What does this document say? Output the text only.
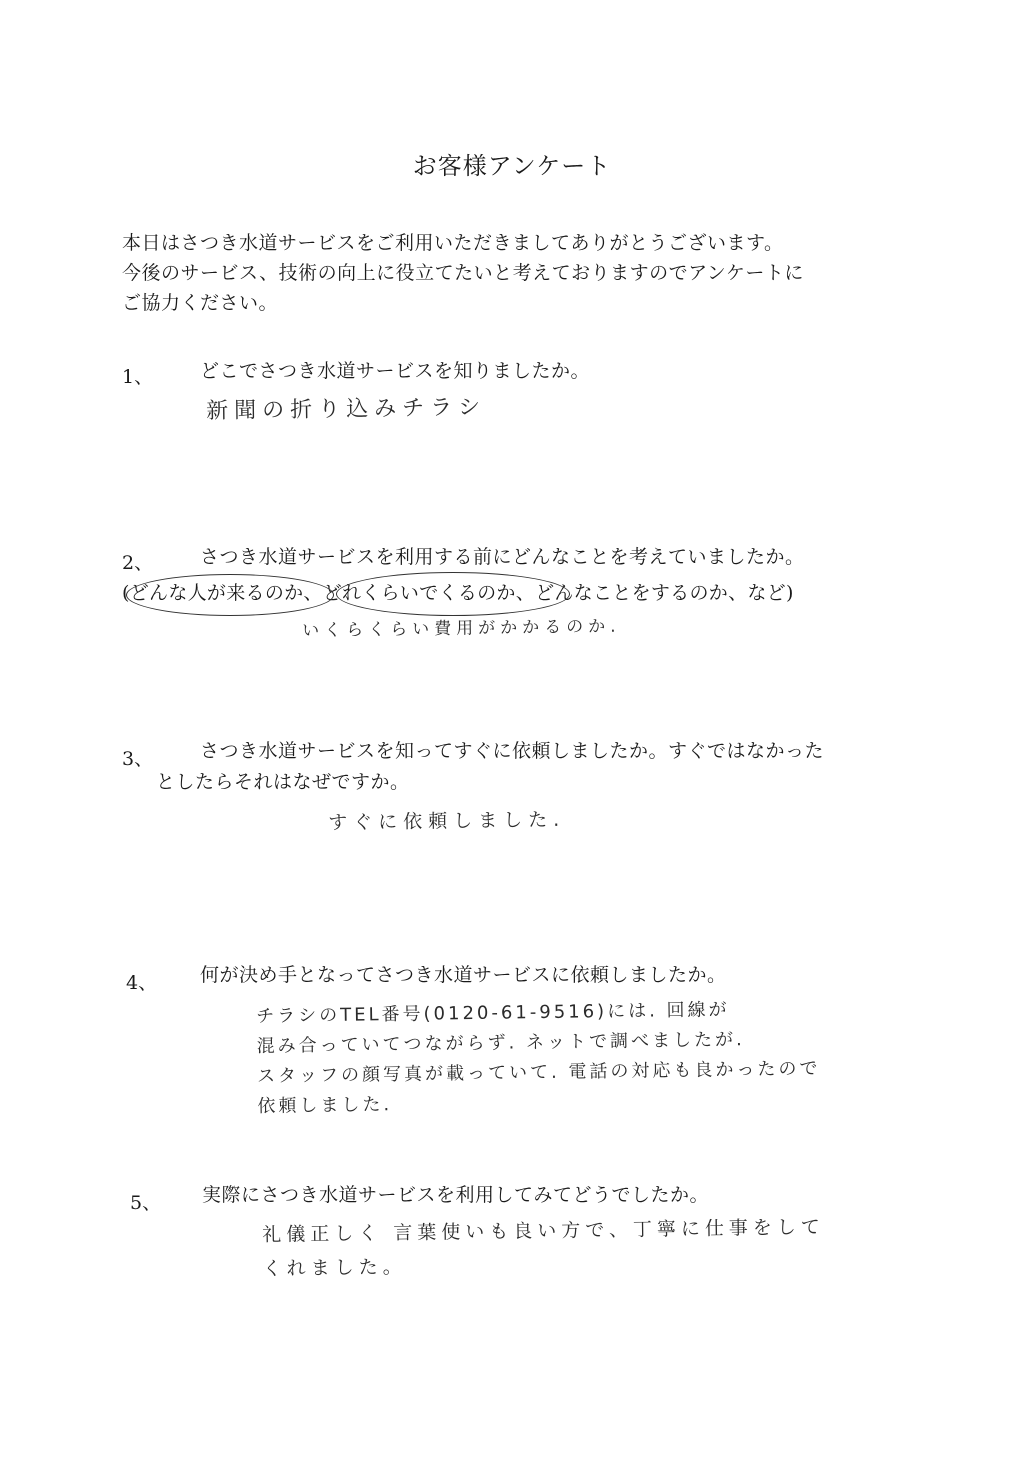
お客様アンケート
本日はさつき水道サービスをご利用いただきましてありがとうございます。
今後のサービス、技術の向上に役立てたいと考えておりますのでアンケートに
ご協力ください。
1、 どこでさつき水道サービスを知りましたか。
新聞の折り込みチラシ
2、 さつき水道サービスを利用する前にどんなことを考えていましたか。
(どんな人が来るのか、どれくらいでくるのか、どんなことをするのか、など)
いくらくらい費用がかかるのか.
3、 さつき水道サービスを知ってすぐに依頼しましたか。すぐではなかった
としたらそれはなぜですか。
すぐに依頼しました.
4、 何が決め手となってさつき水道サービスに依頼しましたか。
チラシのTEL番号(0120-61-9516)には. 回線が
混み合っていてつながらず. ネットで調べましたが.
スタッフの顔写真が載っていて. 電話の対応も良かったので
依頼しました.
5、 実際にさつき水道サービスを利用してみてどうでしたか。
礼儀正しく 言葉使いも良い方で、丁寧に仕事をして
くれました。
